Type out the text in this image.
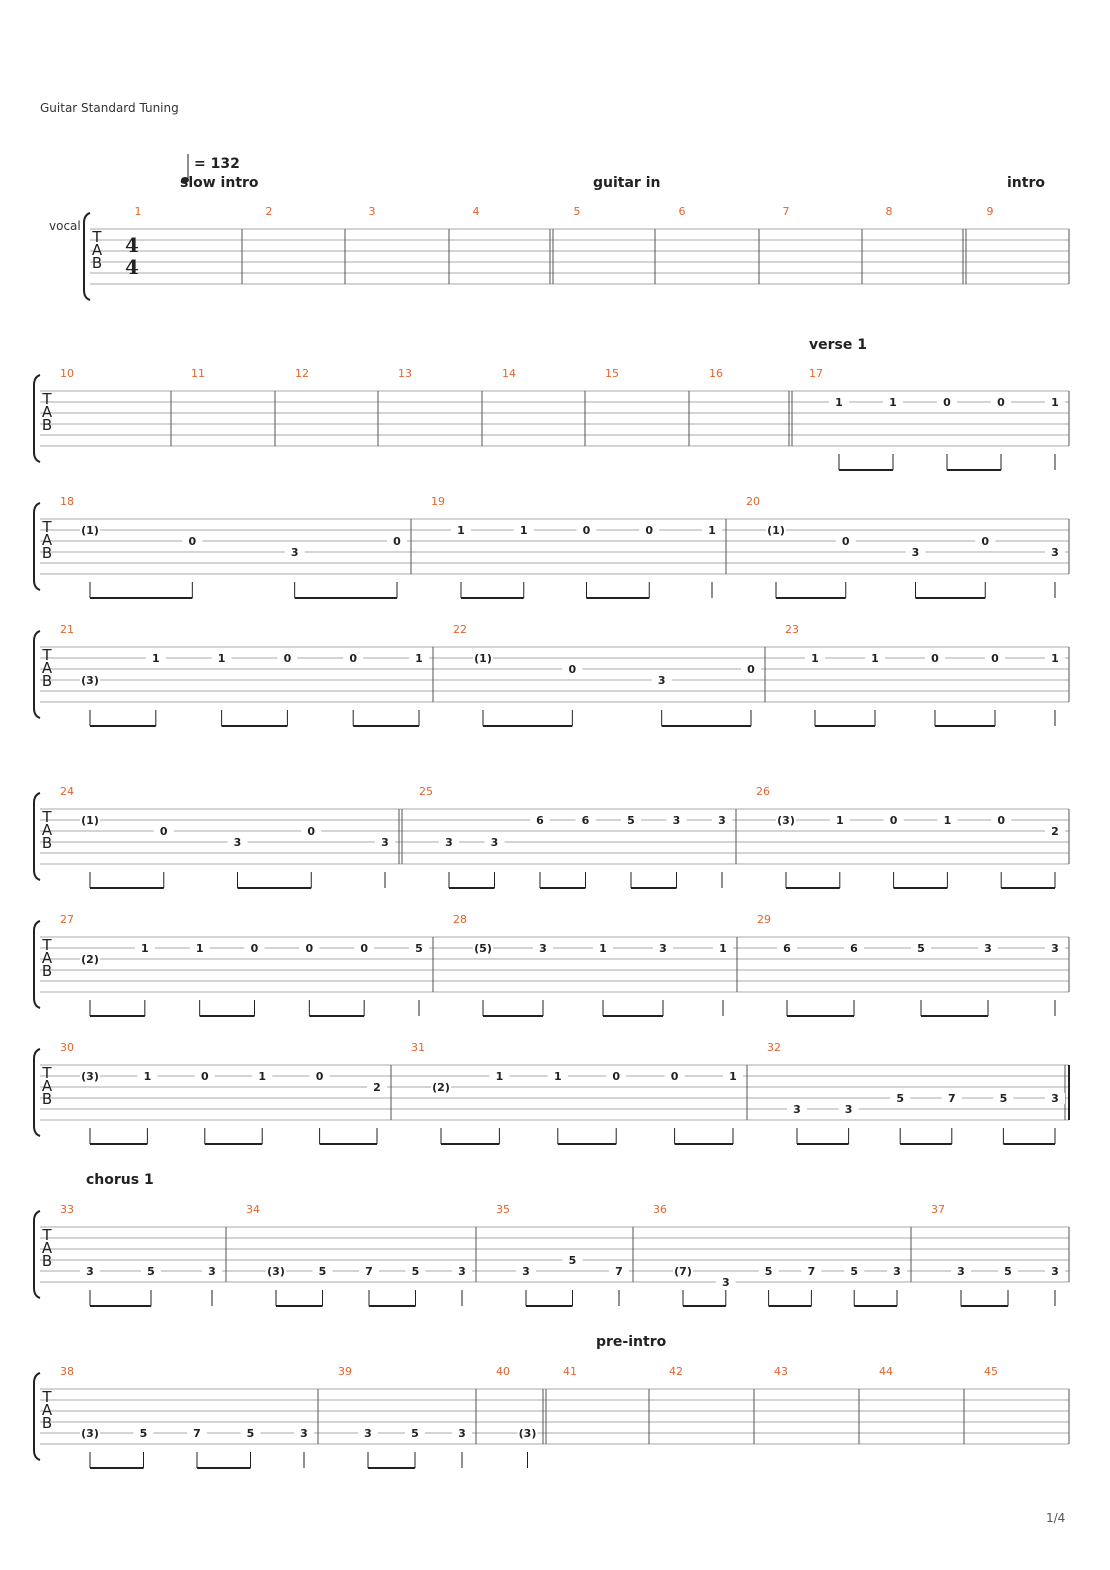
Guitar Standard Tuning
= 132
vocal
slow intro	guitar in	intro
verse 1
chorus 1
pre-intro
T
A
B
4
4
1	2	3	4	5	6	7	8	9
T
A
B
10	11	12	13	14	15	16	17
1	1	0	0	1
T
A
B
18
(1)
0
3
0
19
1	1	0	0	1
20
(1)
0
3
0
3
T
A
B
21
(3)
1	1	0	0	1
22
(1)
0
3
0
23
1	1	0	0	1
T
A
B
24
(1)
0
3
0
3
25
3	3
6	6	5	3	3
26
(3)	1	0	1	0
2
T
A
B
27
(2)
1	1	0	0	0	5
28
(5)	3	1	3	1
29
6	6	5	3	3
T
A
B
30
(3)	1	0	1	0
2
31
(2)
1	1	0	0	1
32
3	3
5	7	5	3
T
A
B
33
3	5	3
34
(3)	5	7	5	3
35
3
5
7
36
(7)
3
5	7	5	3
37
3	5	3
T
A
B
38
(3)	5	7	5	3
39
3	5	3
40
(3)
41	42	43	44	45
1/4
